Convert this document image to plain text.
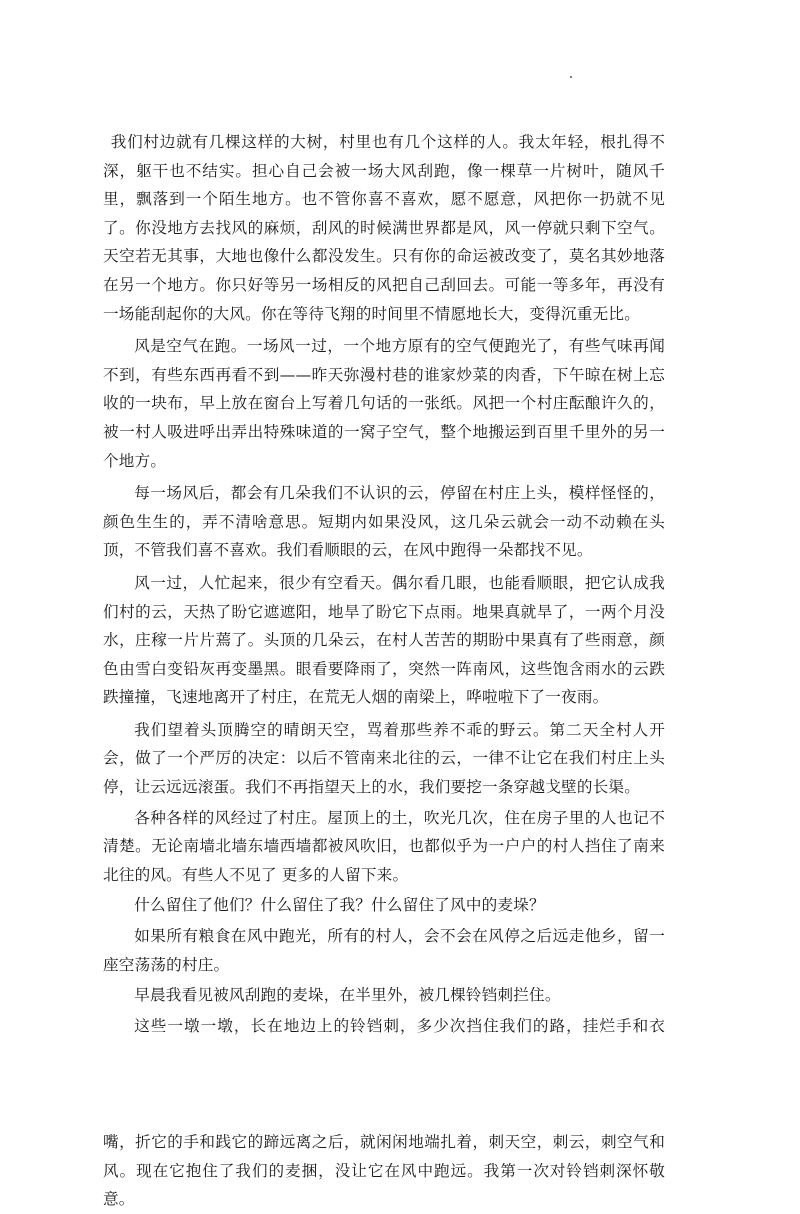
我们村边就有几棵这样的大树，村里也有几个这样的人。我太年轻，根扎得不深，躯干也不结实。担心自己会被一场大风刮跑，像一棵草一片树叶，随风千里，飘落到一个陌生地方。也不管你喜不喜欢，愿不愿意，风把你一扔就不见了。你没地方去找风的麻烦，刮风的时候满世界都是风，风一停就只剩下空气。天空若无其事，大地也像什么都没发生。只有你的命运被改变了，莫名其妙地落在另一个地方。你只好等另一场相反的风把自己刮回去。可能一等多年，再没有一场能刮起你的大风。你在等待飞翔的时间里不情愿地长大，变得沉重无比。

风是空气在跑。一场风一过，一个地方原有的空气便跑光了，有些气味再闻不到，有些东西再看不到——昨天弥漫村巷的谁家炒菜的肉香，下午晾在树上忘收的一块布，早上放在窗台上写着几句话的一张纸。风把一个村庄酝酿许久的，被一村人吸进呼出弄出特殊味道的一窝子空气，整个地搬运到百里千里外的另一个地方。

每一场风后，都会有几朵我们不认识的云，停留在村庄上头，模样怪怪的，颜色生生的，弄不清啥意思。短期内如果没风，这几朵云就会一动不动赖在头顶，不管我们喜不喜欢。我们看顺眼的云，在风中跑得一朵都找不见。

风一过，人忙起来，很少有空看天。偶尔看几眼，也能看顺眼，把它认成我们村的云，天热了盼它遮遮阳，地旱了盼它下点雨。地果真就旱了，一两个月没水，庄稼一片片蔫了。头顶的几朵云，在村人苦苦的期盼中果真有了些雨意，颜色由雪白变铅灰再变墨黑。眼看要降雨了，突然一阵南风，这些饱含雨水的云跌跌撞撞，飞速地离开了村庄，在荒无人烟的南梁上，哗啦啦下了一夜雨。

我们望着头顶腾空的晴朗天空，骂着那些养不乖的野云。第二天全村人开会，做了一个严厉的决定：以后不管南来北往的云，一律不让它在我们村庄上头停，让云远远滚蛋。我们不再指望天上的水，我们要挖一条穿越戈壁的长渠。

各种各样的风经过了村庄。屋顶上的土，吹光几次，住在房子里的人也记不清楚。无论南墙北墙东墙西墙都被风吹旧，也都似乎为一户户的村人挡住了南来北往的风。有些人不见了 更多的人留下来。

什么留住了他们？什么留住了我？什么留住了风中的麦垛？

如果所有粮食在风中跑光，所有的村人，会不会在风停之后远走他乡，留一座空荡荡的村庄。

早晨我看见被风刮跑的麦垛，在半里外，被几棵铃铛刺拦住。

这些一墩一墩，长在地边上的铃铛刺，多少次挡住我们的路，挂烂手和衣

嘴，折它的手和践它的蹄远离之后，就闲闲地端扎着，刺天空，刺云，刺空气和风。现在它抱住了我们的麦捆，没让它在风中跑远。我第一次对铃铛刺深怀敬意。
